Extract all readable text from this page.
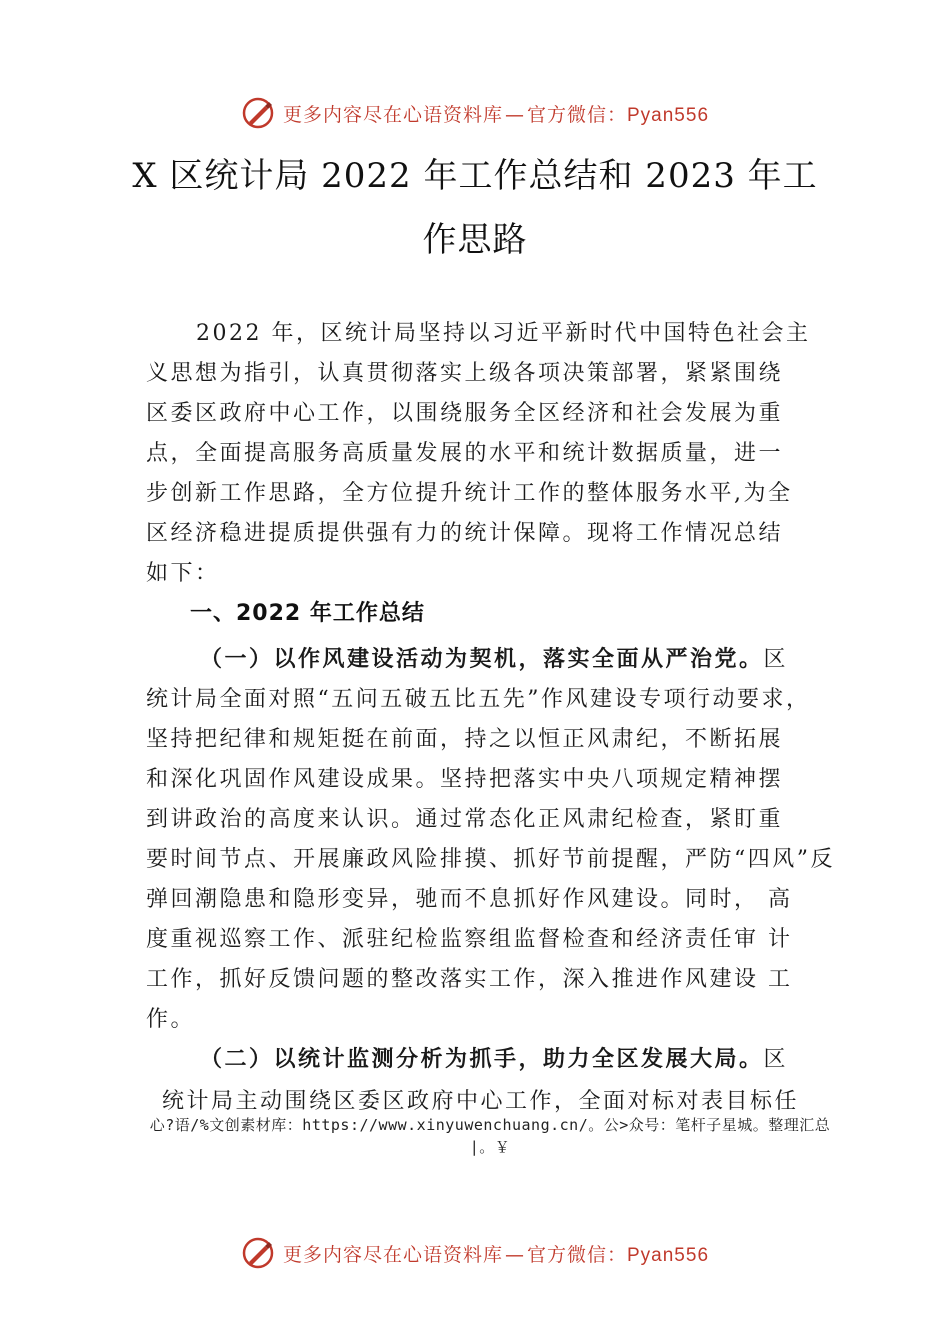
更多内容尽在心语资料库 — 官方微信：Pyan556
X 区统计局 2022 年工作总结和 2023 年工
作思路
2022 年，区统计局坚持以习近平新时代中国特色社会主
义思想为指引，认真贯彻落实上级各项决策部署，紧紧围绕
区委区政府中心工作，以围绕服务全区经济和社会发展为重
点，全面提高服务高质量发展的水平和统计数据质量，进一
步创新工作思路，全方位提升统计工作的整体服务水平,为全
区经济稳进提质提供强有力的统计保障。现将工作情况总结
如下：
一、2022 年工作总结
（一）以作风建设活动为契机，落实全面从严治党。区
统计局全面对照“五问五破五比五先”作风建设专项行动要求，
坚持把纪律和规矩挺在前面，持之以恒正风肃纪，不断拓展
和深化巩固作风建设成果。坚持把落实中央八项规定精神摆
到讲政治的高度来认识。通过常态化正风肃纪检查，紧盯重
要时间节点、开展廉政风险排摸、抓好节前提醒，严防“四风”反
弹回潮隐患和隐形变异，驰而不息抓好作风建设。同时， 高
度重视巡察工作、派驻纪检监察组监督检查和经济责任审 计
工作，抓好反馈问题的整改落实工作，深入推进作风建设 工
作。
（二）以统计监测分析为抓手，助力全区发展大局。区
统计局主动围绕区委区政府中心工作，全面对标对表目标任
心?语/%文创素材库：https://www.xinyuwenchuang.cn/。公>众号：笔杆子星城。整理汇总
|。￥
更多内容尽在心语资料库 — 官方微信：Pyan556
